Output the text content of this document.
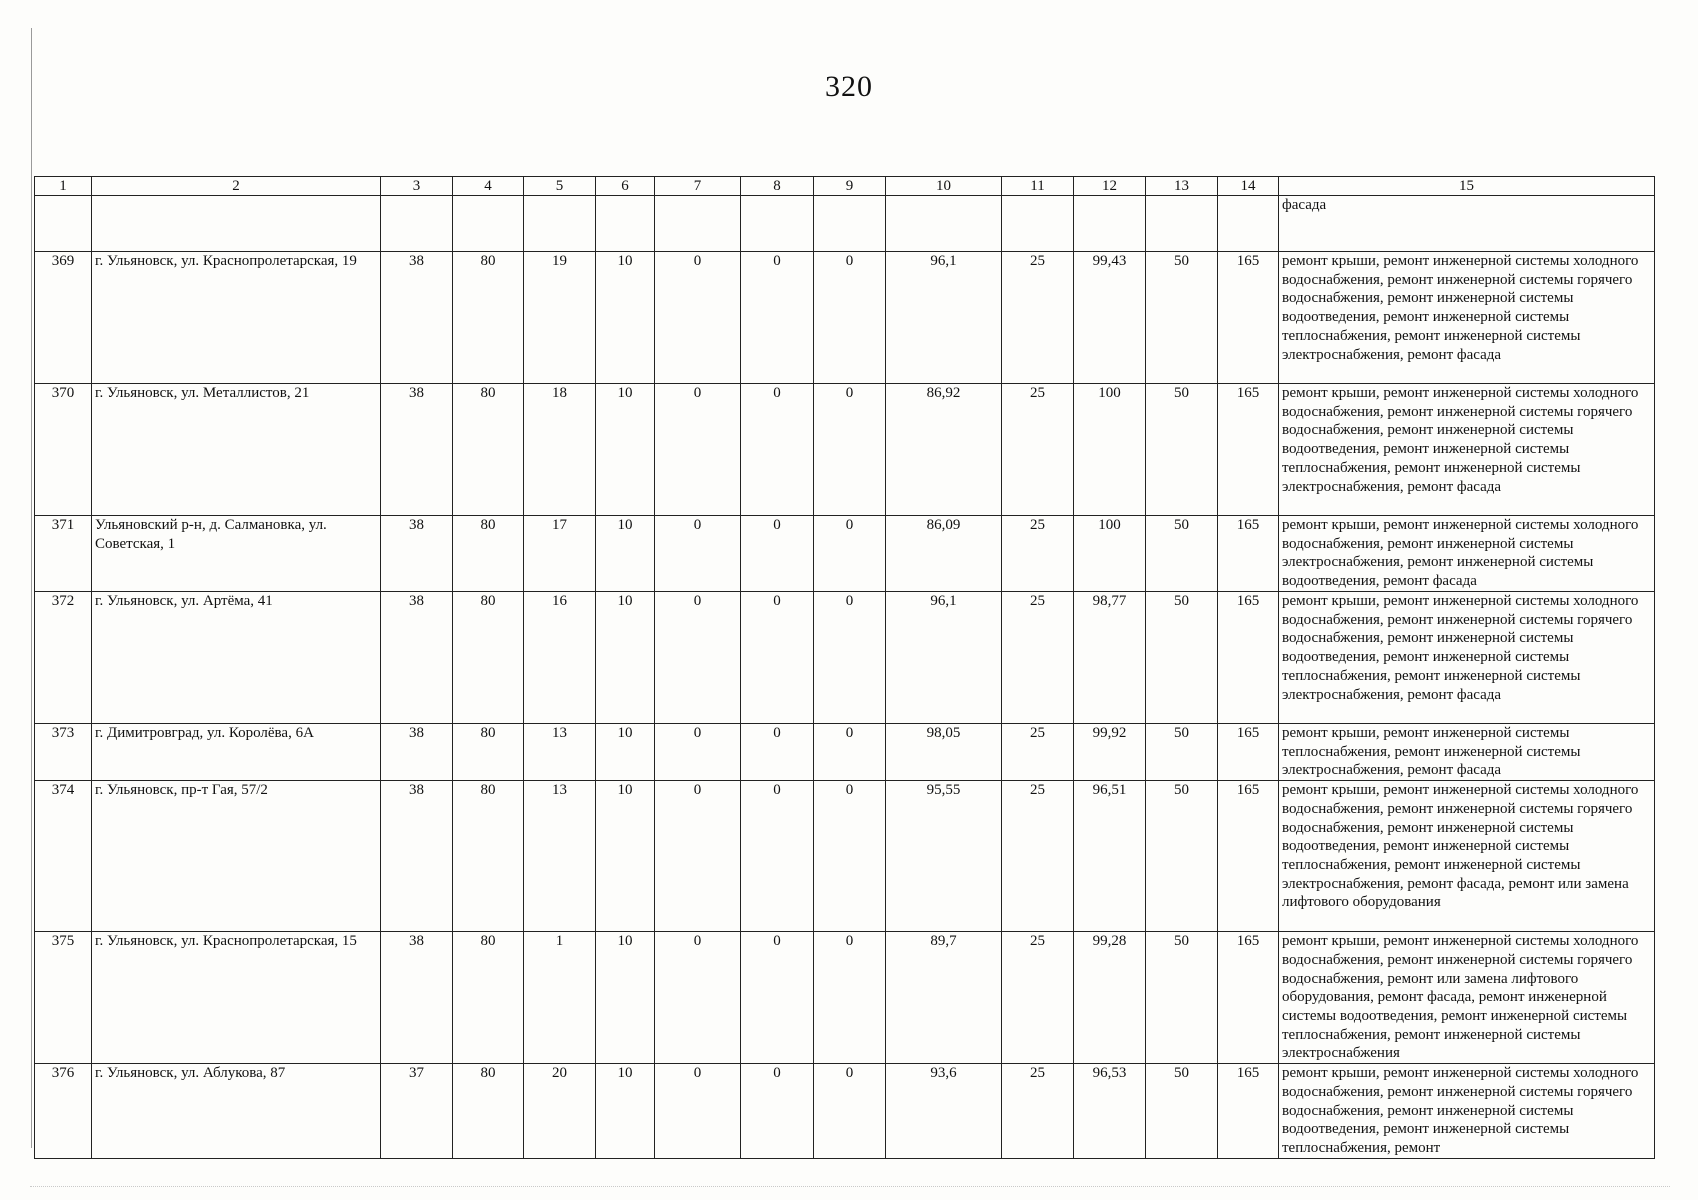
320
1	2	3	4	5	6	7	8	9	10	11	12	13	14	15
														фасада
369	г. Ульяновск, ул. Краснопролетарская, 19	38	80	19	10	0	0	0	96,1	25	99,43	50	165	ремонт крыши, ремонт инженерной системы холодного водоснабжения, ремонт инженерной системы горячего водоснабжения, ремонт инженерной системы водоотведения, ремонт инженерной системы теплоснабжения, ремонт инженерной системы электроснабжения, ремонт фасада
370	г. Ульяновск, ул. Металлистов, 21	38	80	18	10	0	0	0	86,92	25	100	50	165	ремонт крыши, ремонт инженерной системы холодного водоснабжения, ремонт инженерной системы горячего водоснабжения, ремонт инженерной системы водоотведения, ремонт инженерной системы теплоснабжения, ремонт инженерной системы электроснабжения, ремонт фасада
371	Ульяновский р-н, д. Салмановка, ул. Советская, 1	38	80	17	10	0	0	0	86,09	25	100	50	165	ремонт крыши, ремонт инженерной системы холодного водоснабжения, ремонт инженерной системы электроснабжения, ремонт инженерной системы водоотведения, ремонт фасада
372	г. Ульяновск, ул. Артёма, 41	38	80	16	10	0	0	0	96,1	25	98,77	50	165	ремонт крыши, ремонт инженерной системы холодного водоснабжения, ремонт инженерной системы горячего водоснабжения, ремонт инженерной системы водоотведения, ремонт инженерной системы теплоснабжения, ремонт инженерной системы электроснабжения, ремонт фасада
373	г. Димитровград, ул. Королёва, 6А	38	80	13	10	0	0	0	98,05	25	99,92	50	165	ремонт крыши, ремонт инженерной системы теплоснабжения, ремонт инженерной системы электроснабжения, ремонт фасада
374	г. Ульяновск, пр-т Гая, 57/2	38	80	13	10	0	0	0	95,55	25	96,51	50	165	ремонт крыши, ремонт инженерной системы холодного водоснабжения, ремонт инженерной системы горячего водоснабжения, ремонт инженерной системы водоотведения, ремонт инженерной системы теплоснабжения, ремонт инженерной системы электроснабжения, ремонт фасада, ремонт или замена лифтового оборудования
375	г. Ульяновск, ул. Краснопролетарская, 15	38	80	1	10	0	0	0	89,7	25	99,28	50	165	ремонт крыши, ремонт инженерной системы холодного водоснабжения, ремонт инженерной системы горячего водоснабжения, ремонт или замена лифтового оборудования, ремонт фасада, ремонт инженерной системы водоотведения, ремонт инженерной системы теплоснабжения, ремонт инженерной системы электроснабжения
376	г. Ульяновск, ул. Аблукова, 87	37	80	20	10	0	0	0	93,6	25	96,53	50	165	ремонт крыши, ремонт инженерной системы холодного водоснабжения, ремонт инженерной системы горячего водоснабжения, ремонт инженерной системы водоотведения, ремонт инженерной системы теплоснабжения, ремонт
